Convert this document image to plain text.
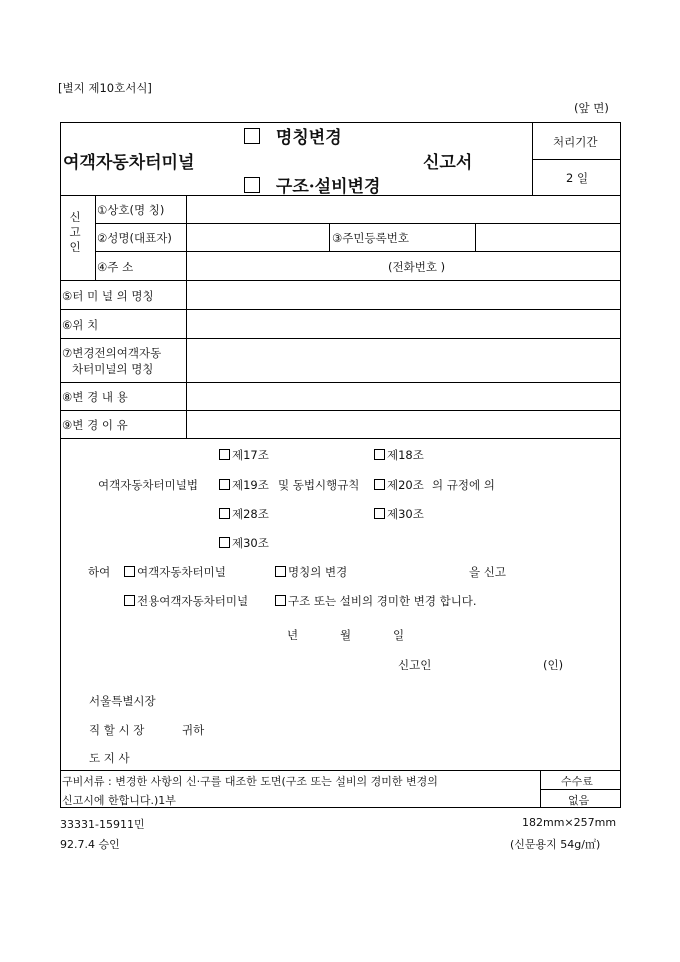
[별지 제10호서식]
(앞 면)
여객자동차터미널
명칭변경
구조·설비변경
신고서
처리기간
2 일
신고인
①상호(명 칭)
②성명(대표자)	③주민등록번호
④주 소	(전화번호 )
⑤터 미 널 의 명칭
⑥위 치
⑦변경전의여객자동
차터미널의 명칭
⑧변 경 내 용
⑨변 경 이 유
제17조	제18조
여객자동차터미널법	제19조 및 동법시행규칙	제20조 의 규정에 의
제28조	제30조
제30조
하여	여객자동차터미널	명칭의 변경	을 신고
전용여객자동차터미널	구조 또는 설비의 경미한 변경 합니다.
년	월	일
신고인	(인)
서울특별시장
직 할 시 장	귀하
도 지 사
구비서류 : 변경한 사항의 신·구를 대조한 도면(구조 또는 설비의 경미한 변경의
신고시에 한합니다.)1부
수수료
없음
33331-15911민
92.7.4 승인
182mm×257mm
(신문용지 54g/㎡)
